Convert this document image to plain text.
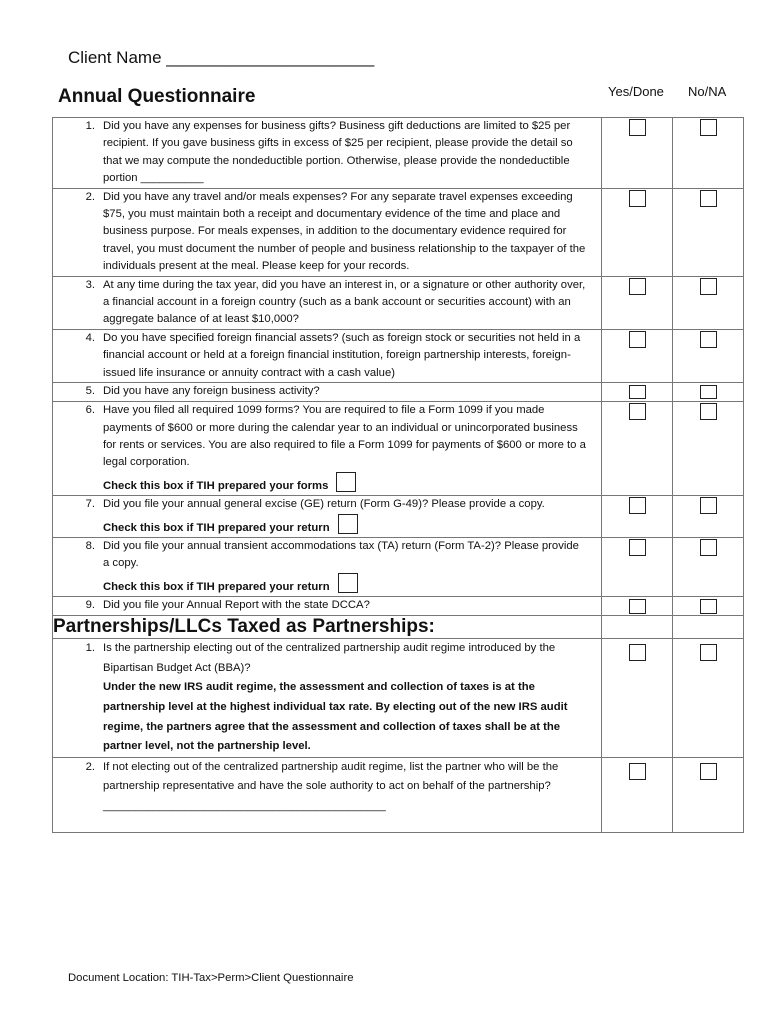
Client Name ______________________
Annual Questionnaire	Yes/Done No/NA
1. Did you have any expenses for business gifts? Business gift deductions are limited to $25 per recipient. If you gave business gifts in excess of $25 per recipient, please provide the detail so that we may compute the nondeductible portion. Otherwise, please provide the nondeductible portion __________		
2. Did you have any travel and/or meals expenses? For any separate travel expenses exceeding $75, you must maintain both a receipt and documentary evidence of the time and place and business purpose. For meals expenses, in addition to the documentary evidence required for travel, you must document the number of people and business relationship to the taxpayer of the individuals present at the meal. Please keep for your records.		
3. At any time during the tax year, did you have an interest in, or a signature or other authority over, a financial account in a foreign country (such as a bank account or securities account) with an aggregate balance of at least $10,000?		
4. Do you have specified foreign financial assets? (such as foreign stock or securities not held in a financial account or held at a foreign financial institution, foreign partnership interests, foreign-issued life insurance or annuity contract with a cash value)		
5. Did you have any foreign business activity?		
6. Have you filed all required 1099 forms? You are required to file a Form 1099 if you made payments of $600 or more during the calendar year to an individual or unincorporated business for rents or services. You are also required to file a Form 1099 for payments of $600 or more to a legal corporation.
Check this box if TIH prepared your forms		
7. Did you file your annual general excise (GE) return (Form G-49)? Please provide a copy.
Check this box if TIH prepared your return		
8. Did you file your annual transient accommodations tax (TA) return (Form TA-2)? Please provide a copy.
Check this box if TIH prepared your return		
9. Did you file your Annual Report with the state DCCA?		
Partnerships/LLCs Taxed as Partnerships:		
1. Is the partnership electing out of the centralized partnership audit regime introduced by the Bipartisan Budget Act (BBA)?
Under the new IRS audit regime, the assessment and collection of taxes is at the partnership level at the highest individual tax rate. By electing out of the new IRS audit regime, the partners agree that the assessment and collection of taxes shall be at the partner level, not the partnership level.		
2. If not electing out of the centralized partnership audit regime, list the partner who will be the partnership representative and have the sole authority to act on behalf of the partnership?
_____________________________________________		
Document Location: TIH-Tax>Perm>Client Questionnaire
